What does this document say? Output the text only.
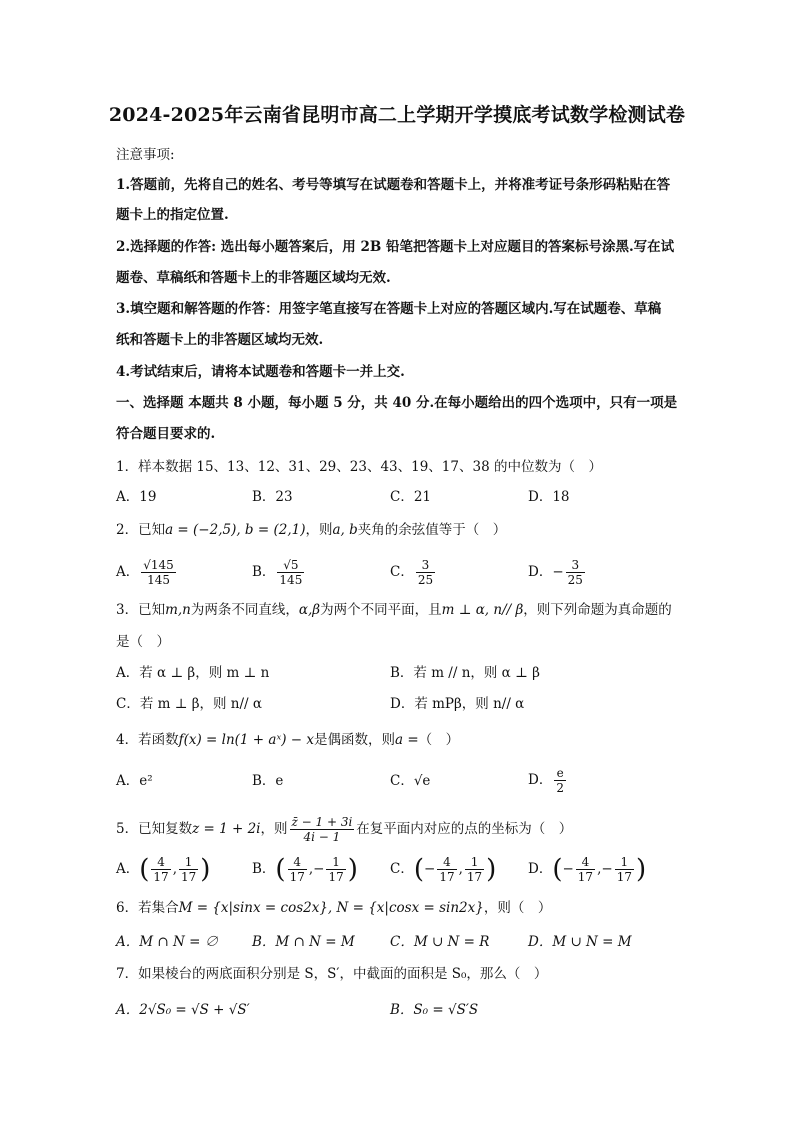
2024-2025年云南省昆明市高二上学期开学摸底考试数学检测试卷
注意事项:
1.答题前，先将自己的姓名、考号等填写在试题卷和答题卡上，并将准考证号条形码粘贴在答
题卡上的指定位置.
2.选择题的作答: 选出每小题答案后，用 2B 铅笔把答题卡上对应题目的答案标号涂黑.写在试
题卷、草稿纸和答题卡上的非答题区域均无效.
3.填空题和解答题的作答：用签字笔直接写在答题卡上对应的答题区域内.写在试题卷、草稿
纸和答题卡上的非答题区域均无效.
4.考试结束后，请将本试题卷和答题卡一并上交.
一、选择题 本题共 8 小题，每小题 5 分，共 40 分.在每小题给出的四个选项中，只有一项是
符合题目要求的.
1．样本数据 15、13、12、31、29、23、43、19、17、38 的中位数为（　）
A．19	B．23	C．21	D．18
2．已知a = (−2,5), b = (2,1)，则a, b夹角的余弦值等于（　）
A． $\frac{√145}{145}$	B． $\frac{√5}{145}$	C． $\frac{3}{25}$	D．− $\frac{3}{25}$
3．已知m,n为两条不同直线，α,β为两个不同平面，且m ⊥ α, n// β，则下列命题为真命题的
是（　）
A．若 α ⊥ β，则 m ⊥ n	B．若 m // n，则 α ⊥ β
C．若 m ⊥ β，则 n// α	D．若 mPβ，则 n// α
4．若函数f(x) = ln(1 + aˣ) − x是偶函数，则a =（　）
A．e²	B．e	C．√e	D． $\frac{e}{2}$
5．已知复数z = 1 + 2i，则 $\frac{z̄ - 1 + 3i}{4i - 1}$ 在复平面内对应的点的坐标为（　）
A．( $\frac{4}{17}$ , $\frac{1}{17}$ )	B．( $\frac{4}{17}$ ,− $\frac{1}{17}$ ) C．(− $\frac{4}{17}$ , $\frac{1}{17}$ ) D．(− $\frac{4}{17}$ ,− $\frac{1}{17}$ )
6．若集合M = {x|sinx = cos2x}, N = {x|cosx = sin2x}，则（　）
A．M ∩ N = ∅	B．M ∩ N = M	C．M ∪ N = R	D．M ∪ N = M
7．如果棱台的两底面积分别是 S，S′，中截面的面积是 S₀，那么（　）
A．2√S₀ = √S + √S′	B．S₀ = √S′S
